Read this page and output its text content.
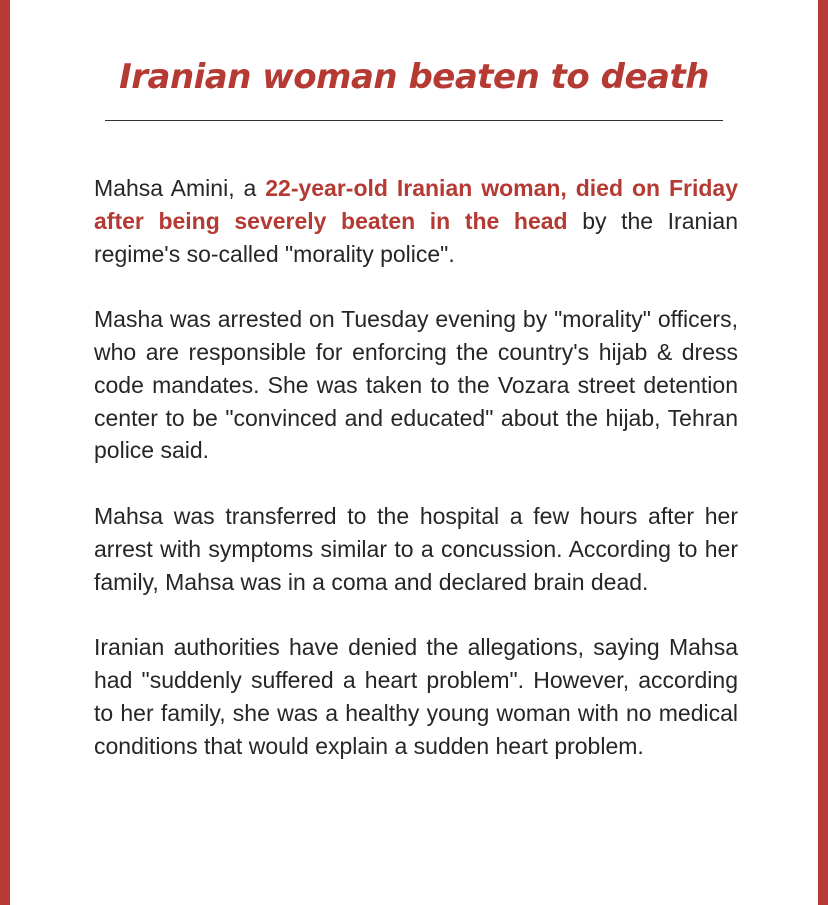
Iranian woman beaten to death

Mahsa Amini, a 22-year-old Iranian woman, died on Friday after being severely beaten in the head by the Iranian regime's so-called "morality police".

Masha was arrested on Tuesday evening by "morality" officers, who are responsible for enforcing the country's hijab & dress code mandates. She was taken to the Vozara street detention center to be "convinced and educated" about the hijab, Tehran police said.

Mahsa was transferred to the hospital a few hours after her arrest with symptoms similar to a concussion. According to her family, Mahsa was in a coma and declared brain dead.

Iranian authorities have denied the allegations, saying Mahsa had "suddenly suffered a heart problem". However, according to her family, she was a healthy young woman with no medical conditions that would explain a sudden heart problem.
